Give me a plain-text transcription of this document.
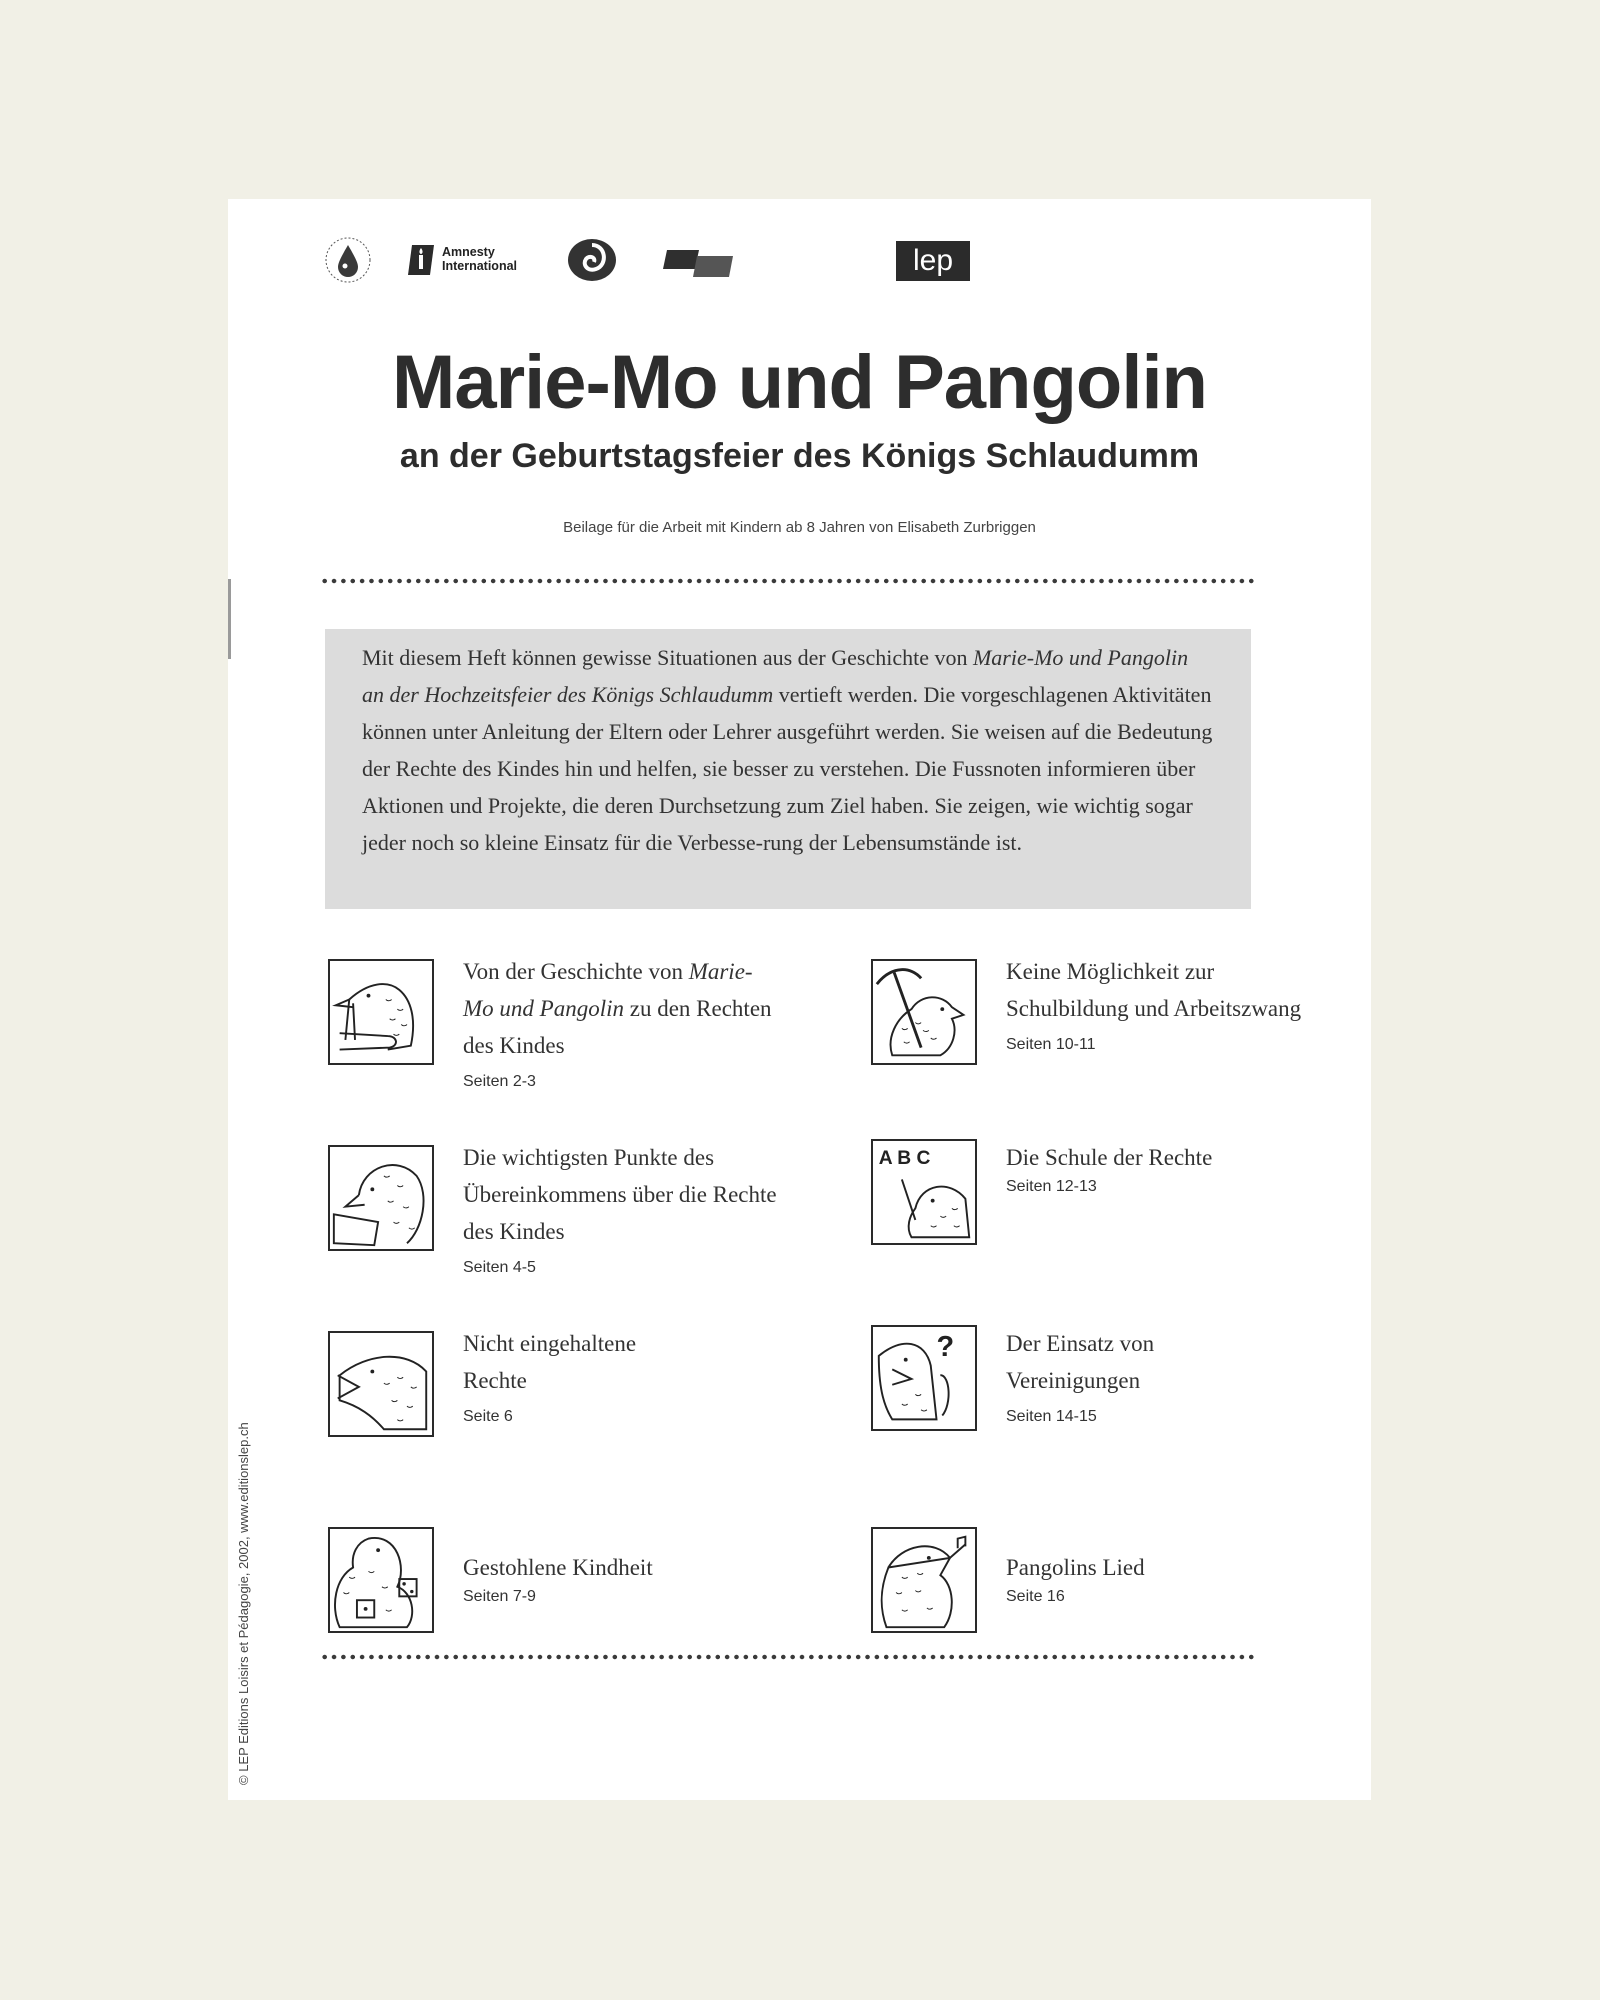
Amnesty
International	lep
Marie-Mo und Pangolin
an der Geburtstagsfeier des Königs Schlaudumm

Beilage für die Arbeit mit Kindern ab 8 Jahren von Elisabeth Zurbriggen

Mit diesem Heft können gewisse Situationen aus der Geschichte von Marie-Mo und Pangolin an der Hochzeitsfeier des Königs Schlaudumm vertieft werden. Die vorgeschlagenen Aktivitäten können unter Anleitung der Eltern oder Lehrer ausgeführt werden. Sie weisen auf die Bedeutung der Rechte des Kindes hin und helfen, sie besser zu verstehen. Die Fussnoten informieren über Aktionen und Projekte, die deren Durchsetzung zum Ziel haben. Sie zeigen, wie wichtig sogar jeder noch so kleine Einsatz für die Verbesse-rung der Lebensumstände ist.

Von der Geschichte von Marie-Mo und Pangolin zu den Rechten des Kindes

Seiten 2-3

Keine Möglichkeit zur Schulbildung und Arbeitszwang

Seiten 10-11

Die wichtigsten Punkte des Übereinkommens über die Rechte des Kindes

Seiten 4-5
A B C	Die Schule der Rechte

Seiten 12-13

Nicht eingehaltene Rechte

Seite 6
? Der Einsatz von Vereinigungen

Seiten 14-15

Gestohlene Kindheit

Seiten 7-9

Pangolins Lied

Seite 16
© LEP Editions Loisirs et Pédagogie, 2002, www.editionslep.ch
